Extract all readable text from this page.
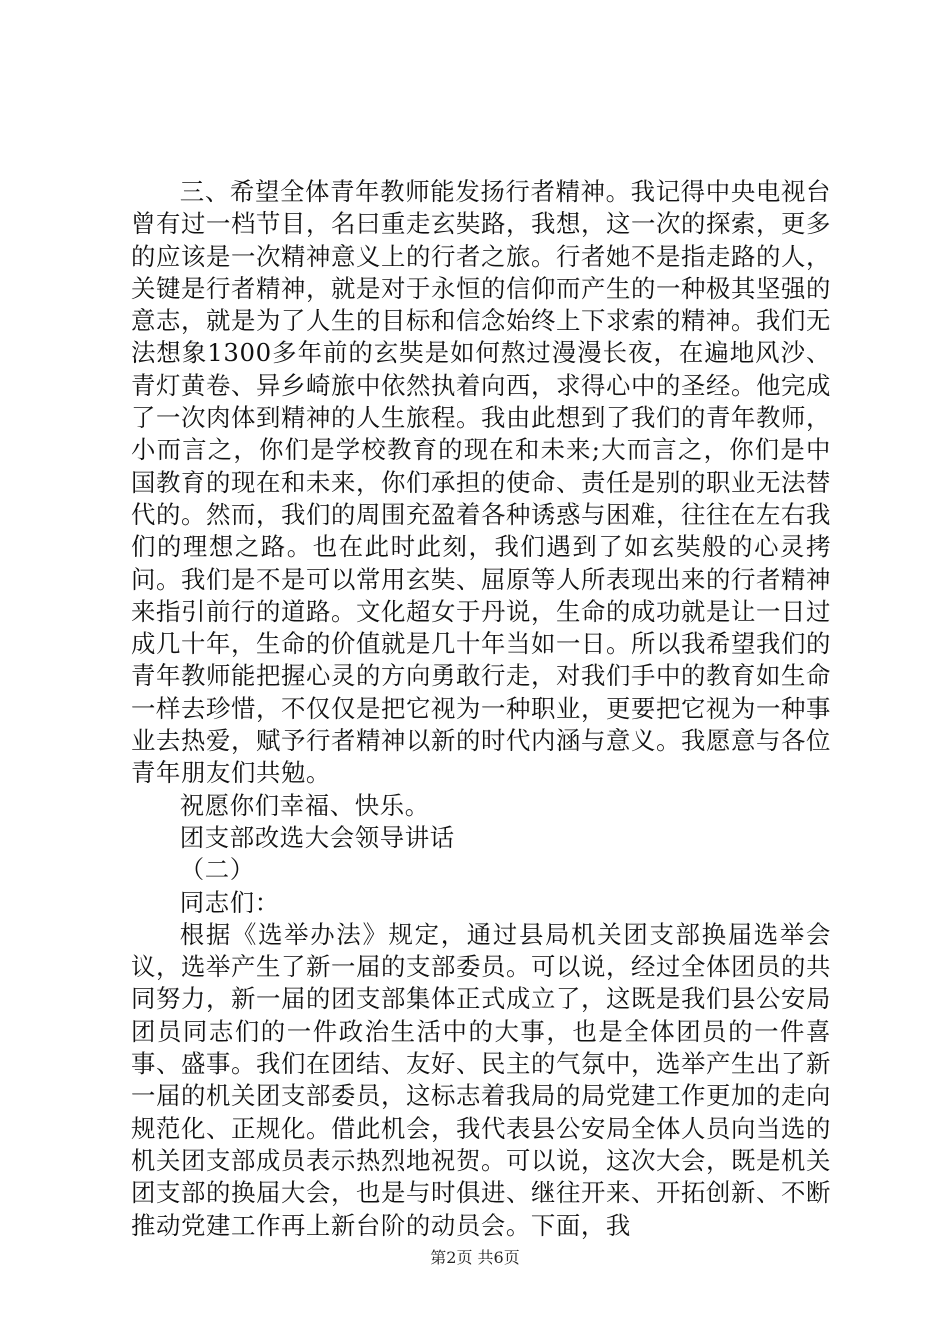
三、希望全体青年教师能发扬行者精神。我记得中央电视台曾有过一档节目，名曰重走玄奘路，我想，这一次的探索，更多的应该是一次精神意义上的行者之旅。行者她不是指走路的人，关键是行者精神，就是对于永恒的信仰而产生的一种极其坚强的意志，就是为了人生的目标和信念始终上下求索的精神。我们无法想象1300多年前的玄奘是如何熬过漫漫长夜，在遍地风沙、青灯黄卷、异乡崎旅中依然执着向西，求得心中的圣经。他完成了一次肉体到精神的人生旅程。我由此想到了我们的青年教师，小而言之，你们是学校教育的现在和未来;大而言之，你们是中国教育的现在和未来，你们承担的使命、责任是别的职业无法替代的。然而，我们的周围充盈着各种诱惑与困难，往往在左右我们的理想之路。也在此时此刻，我们遇到了如玄奘般的心灵拷问。我们是不是可以常用玄奘、屈原等人所表现出来的行者精神来指引前行的道路。文化超女于丹说，生命的成功就是让一日过成几十年，生命的价值就是几十年当如一日。所以我希望我们的青年教师能把握心灵的方向勇敢行走，对我们手中的教育如生命一样去珍惜，不仅仅是把它视为一种职业，更要把它视为一种事业去热爱，赋予行者精神以新的时代内涵与意义。我愿意与各位青年朋友们共勉。

祝愿你们幸福、快乐。

团支部改选大会领导讲话

（二）

同志们：

根据《选举办法》规定，通过县局机关团支部换届选举会议，选举产生了新一届的支部委员。可以说，经过全体团员的共同努力，新一届的团支部集体正式成立了，这既是我们县公安局团员同志们的一件政治生活中的大事，也是全体团员的一件喜事、盛事。我们在团结、友好、民主的气氛中，选举产生出了新一届的机关团支部委员，这标志着我局的局党建工作更加的走向规范化、正规化。借此机会，我代表县公安局全体人员向当选的机关团支部成员表示热烈地祝贺。可以说，这次大会，既是机关团支部的换届大会，也是与时俱进、继往开来、开拓创新、不断推动党建工作再上新台阶的动员会。下面，我

第2页 共6页
